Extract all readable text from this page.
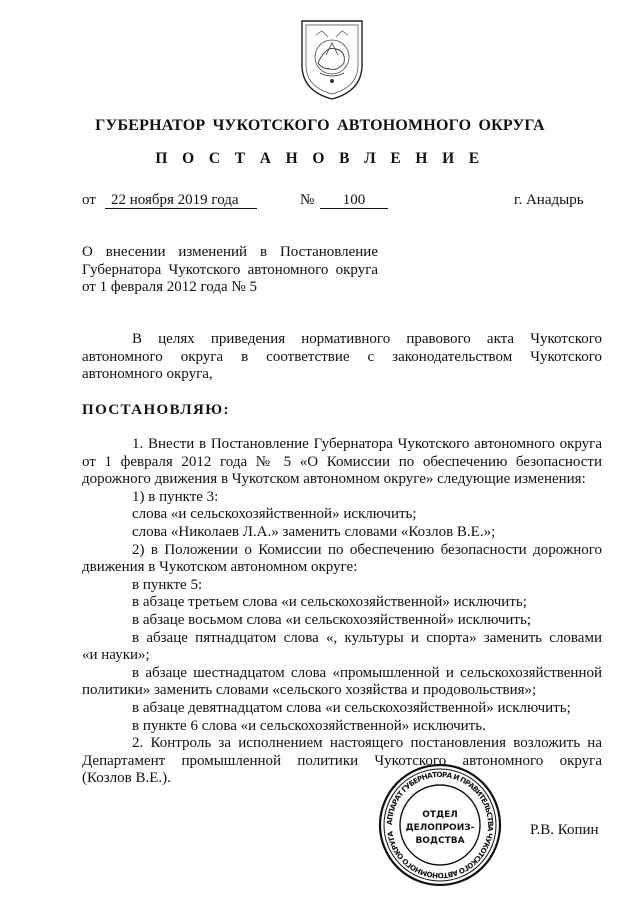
ГУБЕРНАТОР ЧУКОТСКОГО АВТОНОМНОГО ОКРУГА
П О С Т А Н О В Л Е Н И Е
от	22 ноября 2019 года	№	100	г. Анадырь
О внесении изменений в Постановление
Губернатора Чукотского автономного округа
от 1 февраля 2012 года № 5
В целях приведения нормативного правового акта Чукотского
автономного округа в соответствие с законодательством Чукотского
автономного округа,
ПОСТАНОВЛЯЮ:
1. Внести в Постановление Губернатора Чукотского автономного округа
от 1 февраля 2012 года № 5 «О Комиссии по обеспечению безопасности
дорожного движения в Чукотском автономном округе» следующие изменения:
1) в пункте 3:
слова «и сельскохозяйственной» исключить;
слова «Николаев Л.А.» заменить словами «Козлов В.Е.»;
2) в Положении о Комиссии по обеспечению безопасности дорожного
движения в Чукотском автономном округе:
в пункте 5:
в абзаце третьем слова «и сельскохозяйственной» исключить;
в абзаце восьмом слова «и сельскохозяйственной» исключить;
в абзаце пятнадцатом слова «, культуры и спорта» заменить словами
«и науки»;
в абзаце шестнадцатом слова «промышленной и сельскохозяйственной
политики» заменить словами «сельского хозяйства и продовольствия»;
в абзаце девятнадцатом слова «и сельскохозяйственной» исключить;
в пункте 6 слова «и сельскохозяйственной» исключить.
2. Контроль за исполнением настоящего постановления возложить на
Департамент промышленной политики Чукотского автономного округа
(Козлов В.Е.).
АППАРАТ ГУБЕРНАТОРА И ПРАВИТЕЛЬСТВА ЧУКОТСКОГО АВТОНОМНОГО ОКРУГА
ОТДЕЛ
ДЕЛОПРОИЗ-
ВОДСТВА
Р.В. Копин
